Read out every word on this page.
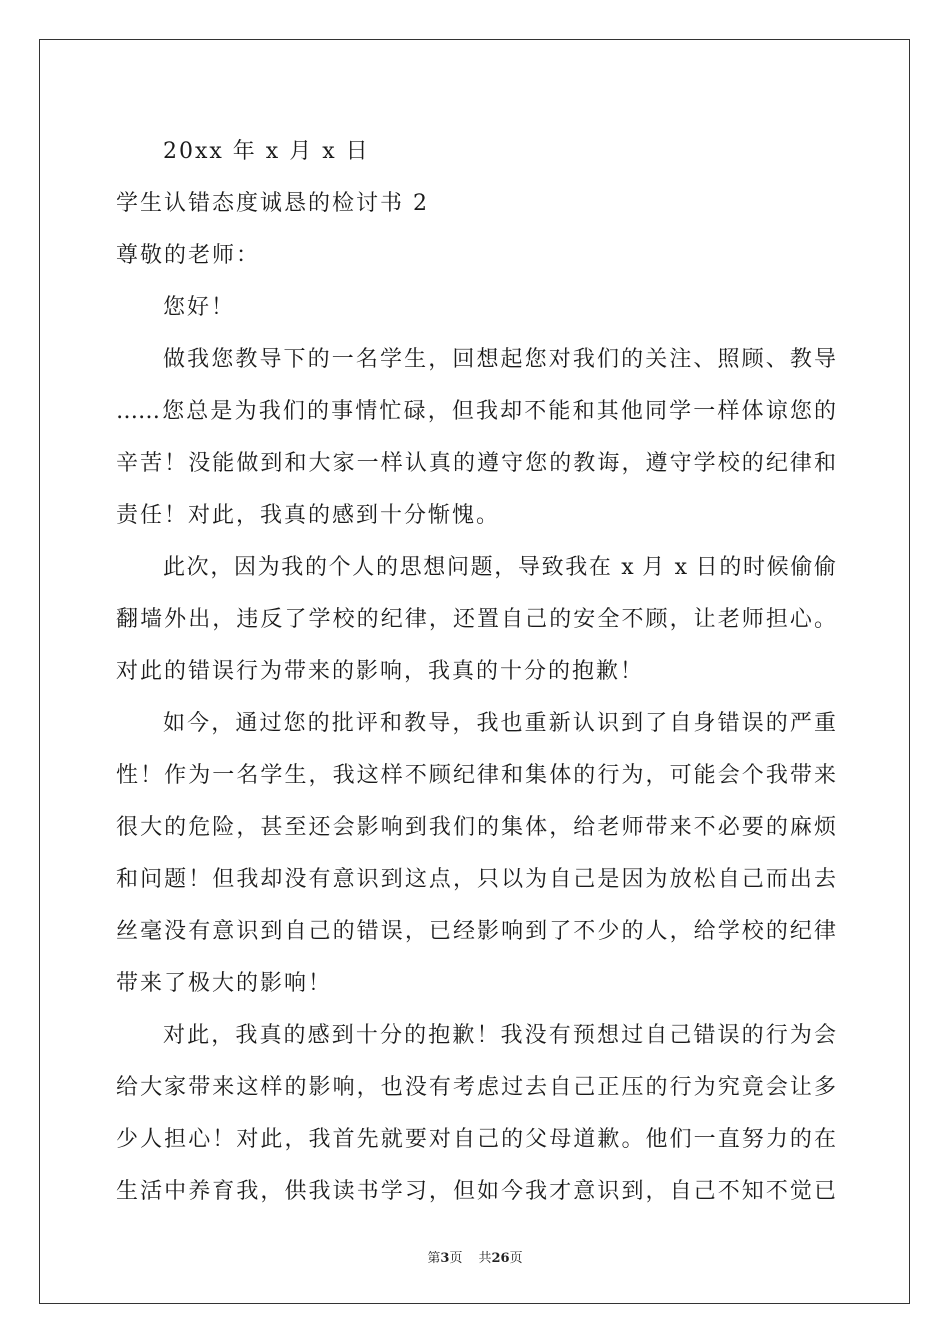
20xx 年 x 月 x 日
学生认错态度诚恳的检讨书 2
尊敬的老师：
您好！
做我您教导下的一名学生，回想起您对我们的关注、照顾、教导
……您总是为我们的事情忙碌，但我却不能和其他同学一样体谅您的
辛苦！没能做到和大家一样认真的遵守您的教诲，遵守学校的纪律和
责任！对此，我真的感到十分惭愧。
此次，因为我的个人的思想问题，导致我在 x 月 x 日的时候偷偷
翻墙外出，违反了学校的纪律，还置自己的安全不顾，让老师担心。
对此的错误行为带来的影响，我真的十分的抱歉！
如今，通过您的批评和教导，我也重新认识到了自身错误的严重
性！作为一名学生，我这样不顾纪律和集体的行为，可能会个我带来
很大的危险，甚至还会影响到我们的集体，给老师带来不必要的麻烦
和问题！但我却没有意识到这点，只以为自己是因为放松自己而出去
丝毫没有意识到自己的错误，已经影响到了不少的人，给学校的纪律
带来了极大的影响！
对此，我真的感到十分的抱歉！我没有预想过自己错误的行为会
给大家带来这样的影响，也没有考虑过去自己正压的行为究竟会让多
少人担心！对此，我首先就要对自己的父母道歉。他们一直努力的在
生活中养育我，供我读书学习，但如今我才意识到，自己不知不觉已
第3页 共26页
